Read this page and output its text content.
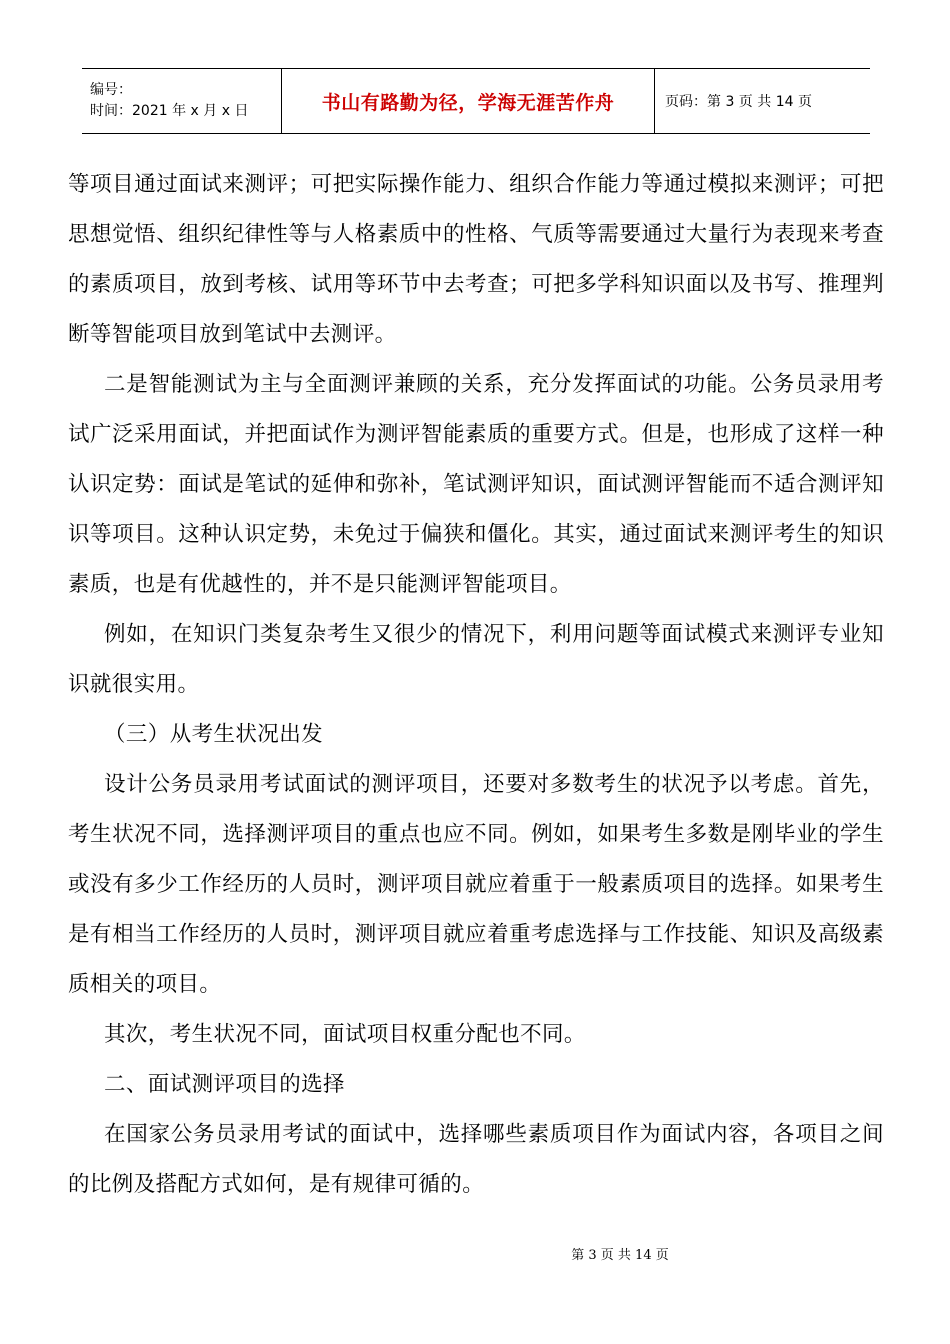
编号：
时间：2021 年 x 月 x 日	书山有路勤为径，学海无涯苦作舟	页码：第 3 页 共 14 页

等项目通过面试来测评；可把实际操作能力、组织合作能力等通过模拟来测评；可把思想觉悟、组织纪律性等与人格素质中的性格、气质等需要通过大量行为表现来考查的素质项目，放到考核、试用等环节中去考查；可把多学科知识面以及书写、推理判断等智能项目放到笔试中去测评。

二是智能测试为主与全面测评兼顾的关系，充分发挥面试的功能。公务员录用考试广泛采用面试，并把面试作为测评智能素质的重要方式。但是，也形成了这样一种认识定势：面试是笔试的延伸和弥补，笔试测评知识，面试测评智能而不适合测评知识等项目。这种认识定势，未免过于偏狭和僵化。其实，通过面试来测评考生的知识素质，也是有优越性的，并不是只能测评智能项目。

例如，在知识门类复杂考生又很少的情况下，利用问题等面试模式来测评专业知识就很实用。

（三）从考生状况出发

设计公务员录用考试面试的测评项目，还要对多数考生的状况予以考虑。首先，考生状况不同，选择测评项目的重点也应不同。例如，如果考生多数是刚毕业的学生或没有多少工作经历的人员时，测评项目就应着重于一般素质项目的选择。如果考生是有相当工作经历的人员时，测评项目就应着重考虑选择与工作技能、知识及高级素质相关的项目。

其次，考生状况不同，面试项目权重分配也不同。

二、面试测评项目的选择

在国家公务员录用考试的面试中，选择哪些素质项目作为面试内容，各项目之间的比例及搭配方式如何，是有规律可循的。

第 3 页 共 14 页
